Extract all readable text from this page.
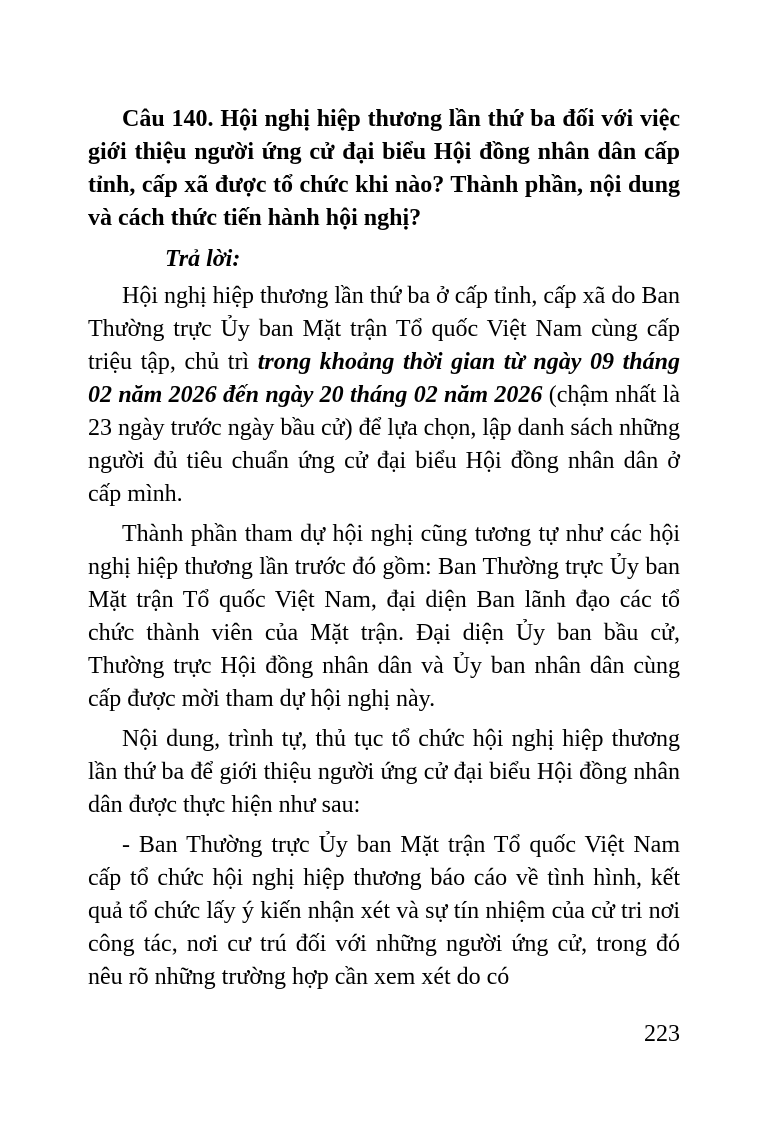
Câu 140. Hội nghị hiệp thương lần thứ ba đối với việc giới thiệu người ứng cử đại biểu Hội đồng nhân dân cấp tỉnh, cấp xã được tổ chức khi nào? Thành phần, nội dung và cách thức tiến hành hội nghị?

Trả lời:

Hội nghị hiệp thương lần thứ ba ở cấp tỉnh, cấp xã do Ban Thường trực Ủy ban Mặt trận Tổ quốc Việt Nam cùng cấp triệu tập, chủ trì trong khoảng thời gian từ ngày 09 tháng 02 năm 2026 đến ngày 20 tháng 02 năm 2026 (chậm nhất là 23 ngày trước ngày bầu cử) để lựa chọn, lập danh sách những người đủ tiêu chuẩn ứng cử đại biểu Hội đồng nhân dân ở cấp mình.

Thành phần tham dự hội nghị cũng tương tự như các hội nghị hiệp thương lần trước đó gồm: Ban Thường trực Ủy ban Mặt trận Tổ quốc Việt Nam, đại diện Ban lãnh đạo các tổ chức thành viên của Mặt trận. Đại diện Ủy ban bầu cử, Thường trực Hội đồng nhân dân và Ủy ban nhân dân cùng cấp được mời tham dự hội nghị này.

Nội dung, trình tự, thủ tục tổ chức hội nghị hiệp thương lần thứ ba để giới thiệu người ứng cử đại biểu Hội đồng nhân dân được thực hiện như sau:

- Ban Thường trực Ủy ban Mặt trận Tổ quốc Việt Nam cấp tổ chức hội nghị hiệp thương báo cáo về tình hình, kết quả tổ chức lấy ý kiến nhận xét và sự tín nhiệm của cử tri nơi công tác, nơi cư trú đối với những người ứng cử, trong đó nêu rõ những trường hợp cần xem xét do có

223
